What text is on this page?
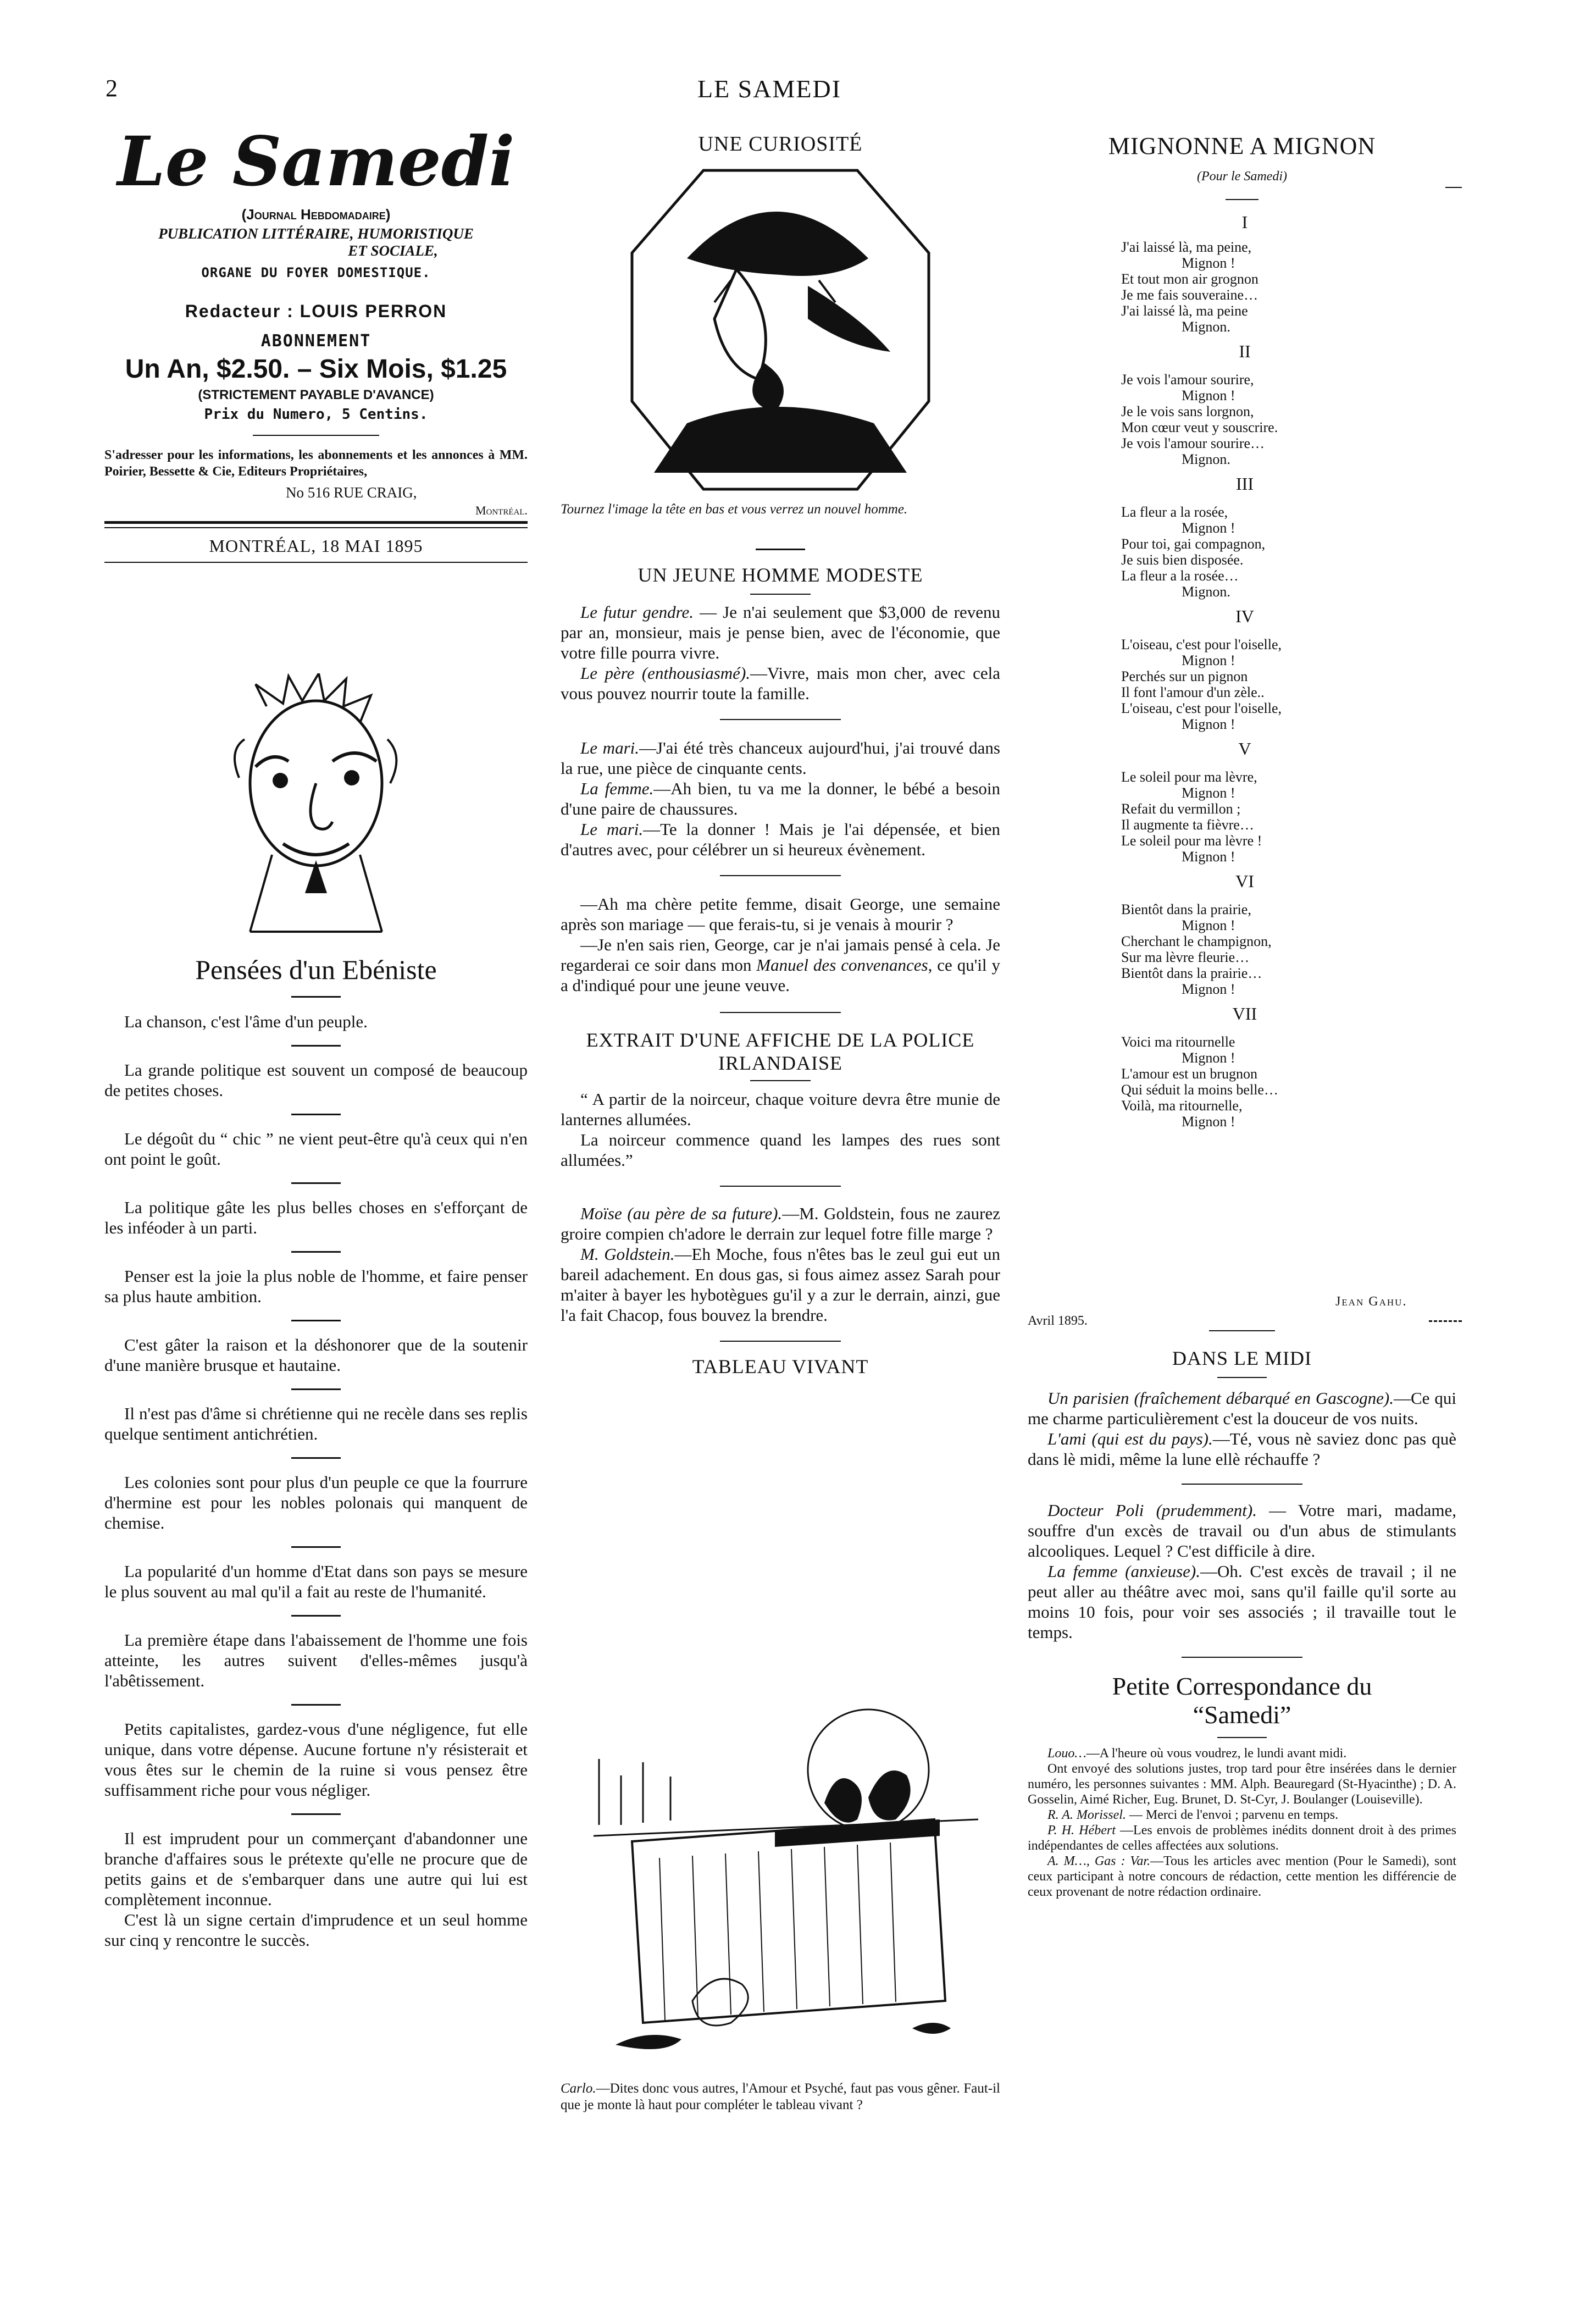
2	LE SAMEDI
Le Samedi
(Journal Hebdomadaire)
PUBLICATION LITTÉRAIRE, HUMORISTIQUE
ET SOCIALE,
ORGANE DU FOYER DOMESTIQUE.
Redacteur : LOUIS PERRON
ABONNEMENT
Un An, $2.50. – Six Mois, $1.25
(STRICTEMENT PAYABLE D'AVANCE)
Prix du Numero, 5 Centins.

S'adresser pour les informations, les abonnements et les annonces à MM. Poirier, Bessette & Cie, Editeurs Propriétaires,

No 516 RUE CRAIG,
Montréal.
MONTRÉAL, 18 MAI 1895
Pensées d'un Ebéniste

La chanson, c'est l'âme d'un peuple.

La grande politique est souvent un composé de beaucoup de petites choses.

Le dégoût du “ chic ” ne vient peut-être qu'à ceux qui n'en ont point le goût.

La politique gâte les plus belles choses en s'efforçant de les inféoder à un parti.

Penser est la joie la plus noble de l'homme, et faire penser sa plus haute ambition.

C'est gâter la raison et la déshonorer que de la soutenir d'une manière brusque et hautaine.

Il n'est pas d'âme si chrétienne qui ne recèle dans ses replis quelque sentiment antichrétien.

Les colonies sont pour plus d'un peuple ce que la fourrure d'hermine est pour les nobles polonais qui manquent de chemise.

La popularité d'un homme d'Etat dans son pays se mesure le plus souvent au mal qu'il a fait au reste de l'humanité.

La première étape dans l'abaissement de l'homme une fois atteinte, les autres suivent d'elles-mêmes jusqu'à l'abêtissement.

Petits capitalistes, gardez-vous d'une négligence, fut elle unique, dans votre dépense. Aucune fortune n'y résisterait et vous êtes sur le chemin de la ruine si vous pensez être suffisamment riche pour vous négliger.

Il est imprudent pour un commerçant d'abandonner une branche d'affaires sous le prétexte qu'elle ne procure que de petits gains et de s'embarquer dans une autre qui lui est complètement inconnue.

C'est là un signe certain d'imprudence et un seul homme sur cinq y rencontre le succès.

UNE CURIOSITÉ

Tournez l'image la tête en bas et vous verrez un nouvel homme.

UN JEUNE HOMME MODESTE

Le futur gendre. — Je n'ai seulement que $3,000 de revenu par an, monsieur, mais je pense bien, avec de l'économie, que votre fille pourra vivre.

Le père (enthousiasmé).—Vivre, mais mon cher, avec cela vous pouvez nourrir toute la famille.

Le mari.—J'ai été très chanceux aujourd'hui, j'ai trouvé dans la rue, une pièce de cinquante cents.

La femme.—Ah bien, tu va me la donner, le bébé a besoin d'une paire de chaussures.

Le mari.—Te la donner ! Mais je l'ai dépensée, et bien d'autres avec, pour célébrer un si heureux évènement.

—Ah ma chère petite femme, disait George, une semaine après son mariage — que ferais-tu, si je venais à mourir ?

—Je n'en sais rien, George, car je n'ai jamais pensé à cela. Je regarderai ce soir dans mon Manuel des convenances, ce qu'il y a d'indiqué pour une jeune veuve.

EXTRAIT D'UNE AFFICHE DE LA POLICE IRLANDAISE

“ A partir de la noirceur, chaque voiture devra être munie de lanternes allumées.

La noirceur commence quand les lampes des rues sont allumées.”

Moïse (au père de sa future).—M. Goldstein, fous ne zaurez groire compien ch'adore le derrain zur lequel fotre fille marge ?

M. Goldstein.—Eh Moche, fous n'êtes bas le zeul gui eut un bareil adachement. En dous gas, si fous aimez assez Sarah pour m'aiter à bayer les hybotègues gu'il y a zur le derrain, ainzi, gue l'a fait Chacop, fous bouvez la brendre.

TABLEAU VIVANT

Carlo.—Dites donc vous autres, l'Amour et Psyché, faut pas vous gêner. Faut-il que je monte là haut pour compléter le tableau vivant ?

MIGNONNE A MIGNON
(Pour le Samedi)
I
J'ai laissé là, ma peine,
Mignon !
Et tout mon air grognon
Je me fais souveraine…
J'ai laissé là, ma peine
Mignon.
II
Je vois l'amour sourire,
Mignon !
Je le vois sans lorgnon,
Mon cœur veut y souscrire.
Je vois l'amour sourire…
Mignon.
III
La fleur a la rosée,
Mignon !
Pour toi, gai compagnon,
Je suis bien disposée.
La fleur a la rosée…
Mignon.
IV
L'oiseau, c'est pour l'oiselle,
Mignon !
Perchés sur un pignon
Il font l'amour d'un zèle..
L'oiseau, c'est pour l'oiselle,
Mignon !
V
Le soleil pour ma lèvre,
Mignon !
Refait du vermillon ;
Il augmente ta fièvre…
Le soleil pour ma lèvre !
Mignon !
VI
Bientôt dans la prairie,
Mignon !
Cherchant le champignon,
Sur ma lèvre fleurie…
Bientôt dans la prairie…
Mignon !
VII
Voici ma ritournelle
Mignon !
L'amour est un brugnon
Qui séduit la moins belle…
Voilà, ma ritournelle,
Mignon !
Jean Gahu.
Avril 1895.
DANS LE MIDI

Un parisien (fraîchement débarqué en Gascogne).—Ce qui me charme particulièrement c'est la douceur de vos nuits.

L'ami (qui est du pays).—Té, vous nè saviez donc pas què dans lè midi, même la lune ellè réchauffe ?

Docteur Poli (prudemment). — Votre mari, madame, souffre d'un excès de travail ou d'un abus de stimulants alcooliques. Lequel ? C'est difficile à dire.

La femme (anxieuse).—Oh. C'est excès de travail ; il ne peut aller au théâtre avec moi, sans qu'il faille qu'il sorte au moins 10 fois, pour voir ses associés ; il travaille tout le temps.

Petite Correspondance du
“Samedi”

Louo…—A l'heure où vous voudrez, le lundi avant midi.

Ont envoyé des solutions justes, trop tard pour être insérées dans le dernier numéro, les personnes suivantes : MM. Alph. Beauregard (St-Hyacinthe) ; D. A. Gosselin, Aimé Richer, Eug. Brunet, D. St-Cyr, J. Boulanger (Louiseville).

R. A. Morissel. — Merci de l'envoi ; parvenu en temps.

P. H. Hébert —Les envois de problèmes inédits donnent droit à des primes indépendantes de celles affectées aux solutions.

A. M…, Gas : Var.—Tous les articles avec mention (Pour le Samedi), sont ceux participant à notre concours de rédaction, cette mention les différencie de ceux provenant de notre rédaction ordinaire.
